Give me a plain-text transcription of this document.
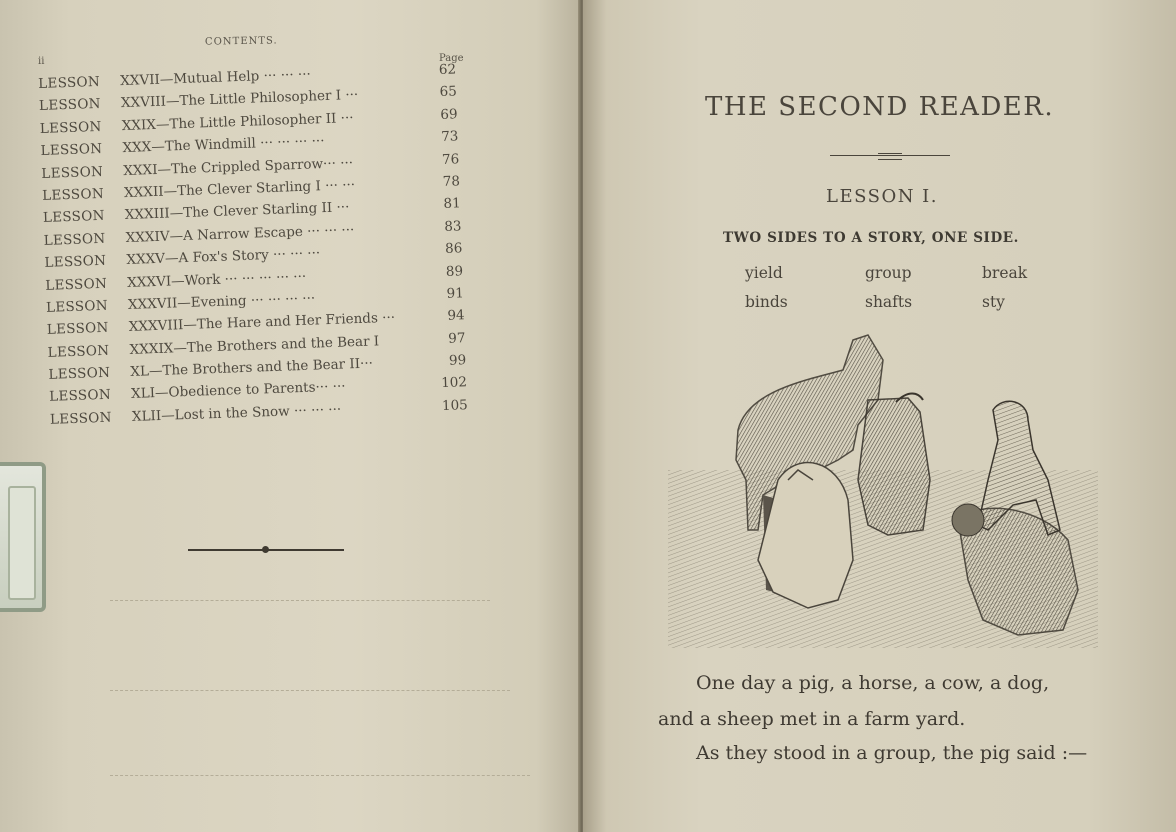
CONTENTS.
ii	Page
LESSON XXVII—Mutual Help ··· ··· ···	62
LESSON XXVIII—The Little Philosopher I ···	65
LESSON XXIX—The Little Philosopher II ···	69
LESSON XXX—The Windmill ··· ··· ··· ···	73
LESSON XXXI—The Crippled Sparrow··· ···	76
LESSON XXXII—The Clever Starling I ··· ···	78
LESSON XXXIII—The Clever Starling II ···	81
LESSON XXXIV—A Narrow Escape ··· ··· ···	83
LESSON XXXV—A Fox's Story ··· ··· ···	86
LESSON XXXVI—Work ··· ··· ··· ··· ···	89
LESSON XXXVII—Evening ··· ··· ··· ···	91
LESSON XXXVIII—The Hare and Her Friends ···	94
LESSON XXXIX—The Brothers and the Bear I	97
LESSON XL—The Brothers and the Bear II···	99
LESSON XLI—Obedience to Parents··· ···	102
LESSON XLII—Lost in the Snow ··· ··· ···	105
THE SECOND READER.
LESSON I.
TWO SIDES TO A STORY, ONE SIDE.
yield	group	break
binds	shafts	sty
One day a pig, a horse, a cow, a dog,
and a sheep met in a farm yard.
As they stood in a group, the pig said :—
